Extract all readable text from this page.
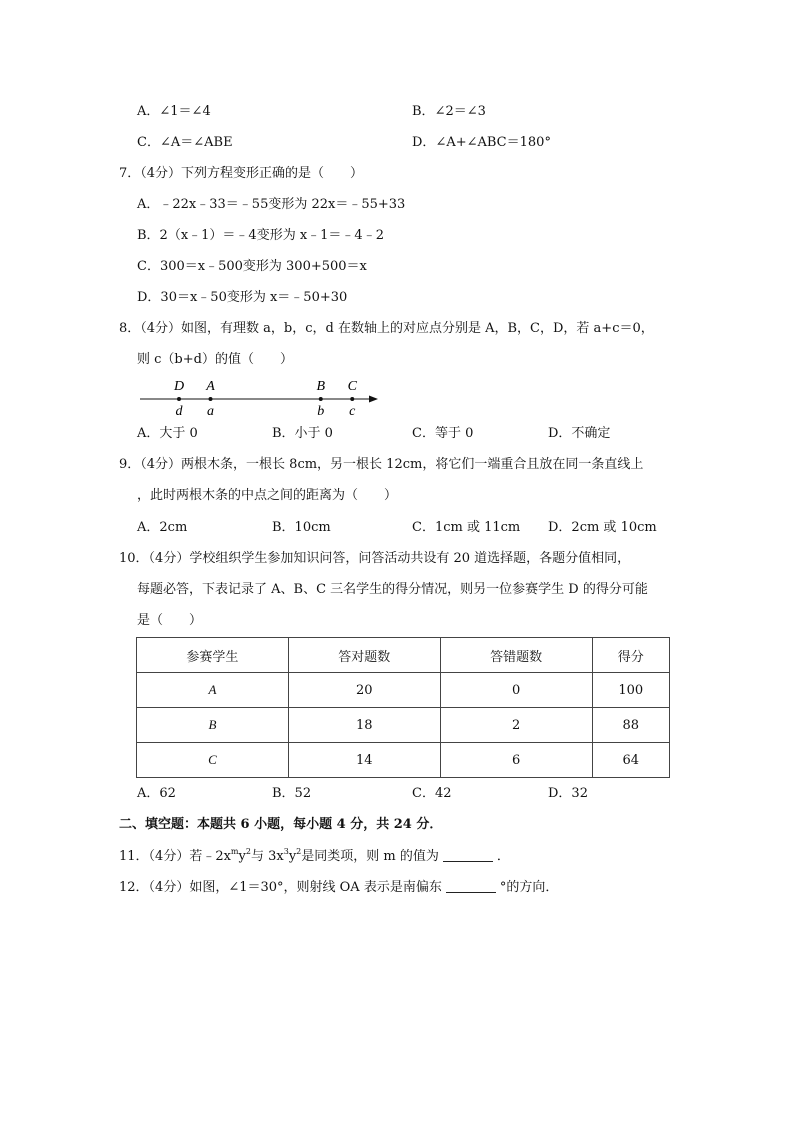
A．∠1＝∠4	B．∠2＝∠3
C．∠A＝∠ABE	D．∠A+∠ABC＝180°
7．（4分）下列方程变形正确的是（　　）
A．﹣22x﹣33＝﹣55变形为 22x＝﹣55+33
B．2（x﹣1）＝﹣4变形为 x﹣1＝﹣4﹣2
C．300＝x﹣500变形为 300+500＝x
D．30＝x﹣50变形为 x＝﹣50+30
8．（4分）如图，有理数 a，b，c，d 在数轴上的对应点分别是 A，B，C，D，若 a+c＝0，
则 c（b+d）的值（　　）
D
d
A
a
B
b
C
c
A．大于 0	B．小于 0	C．等于 0	D．不确定
9．（4分）两根木条，一根长 8cm，另一根长 12cm，将它们一端重合且放在同一条直线上
，此时两根木条的中点之间的距离为（　　）
A．2cm	B．10cm	C．1cm 或 11cm D．2cm 或 10cm
10．（4分）学校组织学生参加知识问答，问答活动共设有 20 道选择题，各题分值相同，
每题必答，下表记录了 A、B、C 三名学生的得分情况，则另一位参赛学生 D 的得分可能
是（　　）
参赛学生	答对题数	答错题数	得分
A	20	0	100
B	18	2	88
C	14	6	64
A．62	B．52	C．42	D．32
二、填空题：本题共 6 小题，每小题 4 分，共 24 分．
11．（4分）若$﹣2x^my^2$与 $3x^3y^2$是同类项，则 m 的值为	．
12．（4分）如图，∠1＝30°，则射线 OA 表示是南偏东	°的方向．
